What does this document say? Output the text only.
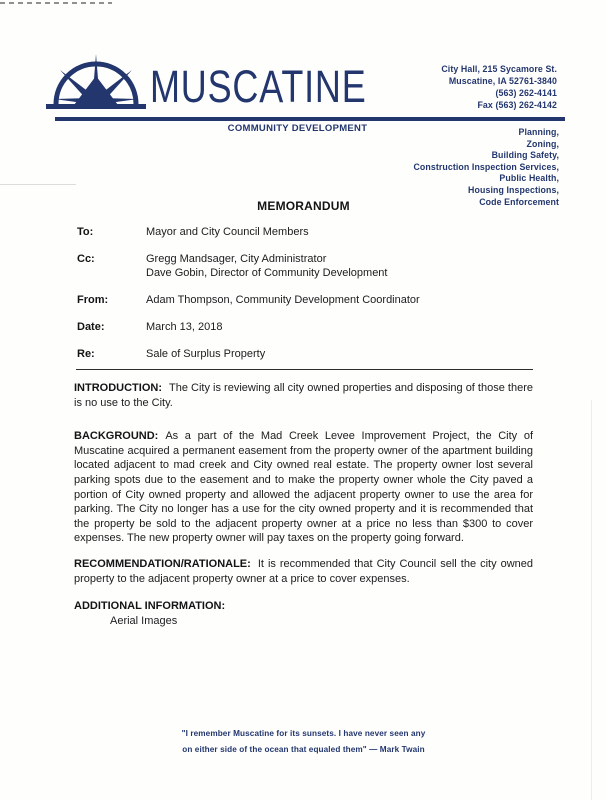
MUSCATINE	City Hall, 215 Sycamore St.
Muscatine, IA 52761-3840
(563) 262-4141
Fax (563) 262-4142
COMMUNITY DEVELOPMENT	Planning,
Zoning,
Building Safety,
Construction Inspection Services,
Public Health,
Housing Inspections,
Code Enforcement
MEMORANDUM
To:	Mayor and City Council Members
Cc:	Gregg Mandsager, City Administrator
Dave Gobin, Director of Community Development
From:	Adam Thompson, Community Development Coordinator
Date:	March 13, 2018
Re:	Sale of Surplus Property

INTRODUCTION: The City is reviewing all city owned properties and disposing of those there is no use to the City.

BACKGROUND: As a part of the Mad Creek Levee Improvement Project, the City of Muscatine acquired a permanent easement from the property owner of the apartment building located adjacent to mad creek and City owned real estate. The property owner lost several parking spots due to the easement and to make the property owner whole the City paved a portion of City owned property and allowed the adjacent property owner to use the area for parking. The City no longer has a use for the city owned property and it is recommended that the property be sold to the adjacent property owner at a price no less than $300 to cover expenses. The new property owner will pay taxes on the property going forward.

RECOMMENDATION/RATIONALE: It is recommended that City Council sell the city owned property to the adjacent property owner at a price to cover expenses.

ADDITIONAL INFORMATION:
Aerial Images
"I remember Muscatine for its sunsets. I have never seen any
on either side of the ocean that equaled them" — Mark Twain
